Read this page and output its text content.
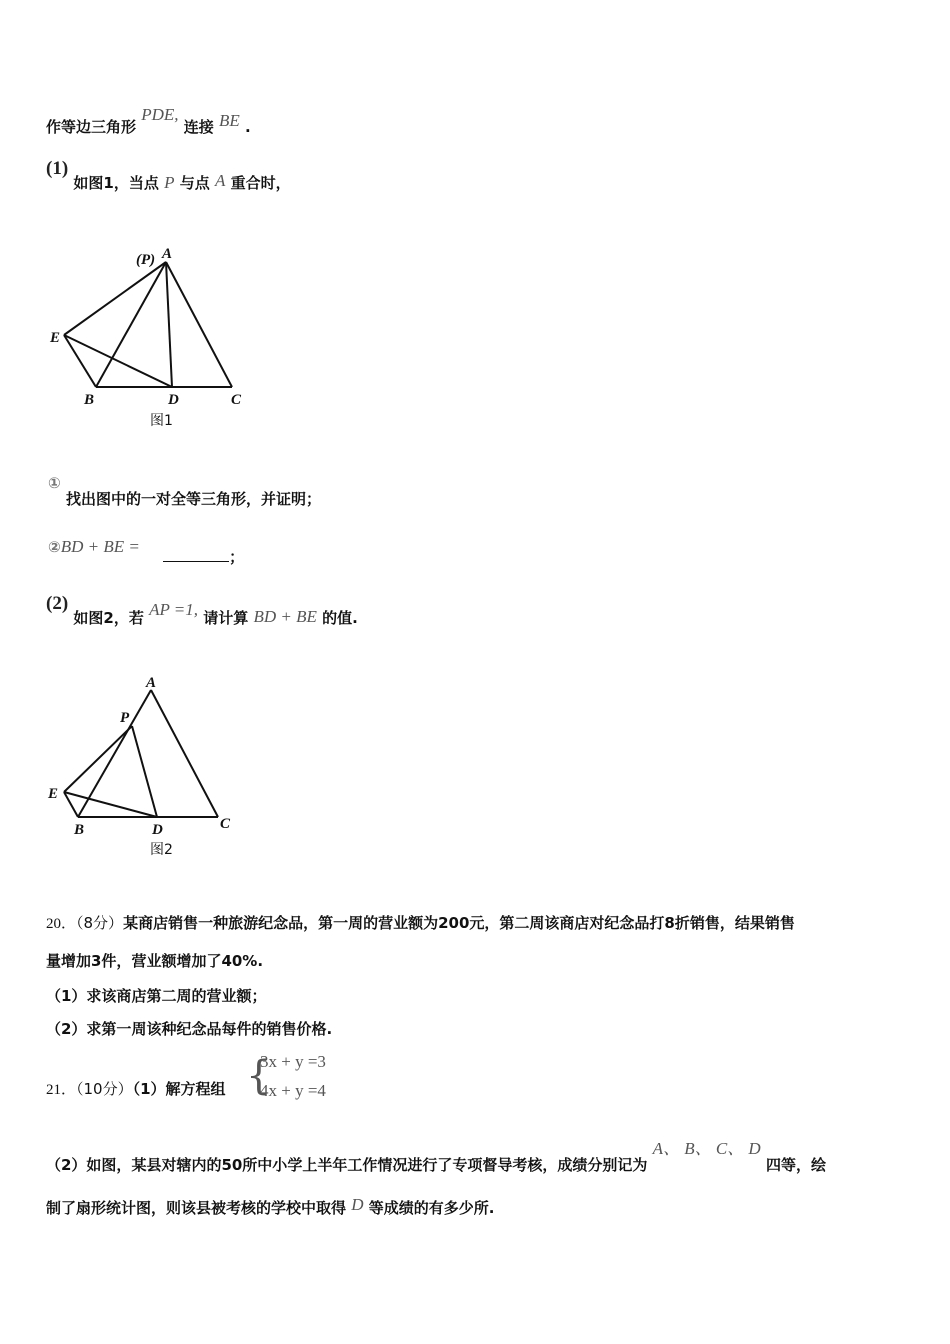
作等边三角形 PDE, 连接 BE .
(1) 如图1，当点 P 与点 A 重合时，
(P) A
E
B	D	C
图1
① 找出图中的一对全等三角形，并证明；
②BD + BE = ；
(2) 如图2，若 AP =1, 请计算 BD + BE 的值.
A
P
E
B	D	C
图2
20．（8分）某商店销售一种旅游纪念品，第一周的营业额为200元，第二周该商店对纪念品打8折销售，结果销售
量增加3件，营业额增加了40%.
（1）求该商店第二周的营业额；
（2）求第一周该种纪念品每件的销售价格.
21．（10分）（1）解方程组 {
3x + y =3
4x + y =4
（2）如图，某县对辖内的50所中小学上半年工作情况进行了专项督导考核，成绩分别记为 A、 B、 C、 D 四等，绘
制了扇形统计图，则该县被考核的学校中取得 D 等成绩的有多少所.
